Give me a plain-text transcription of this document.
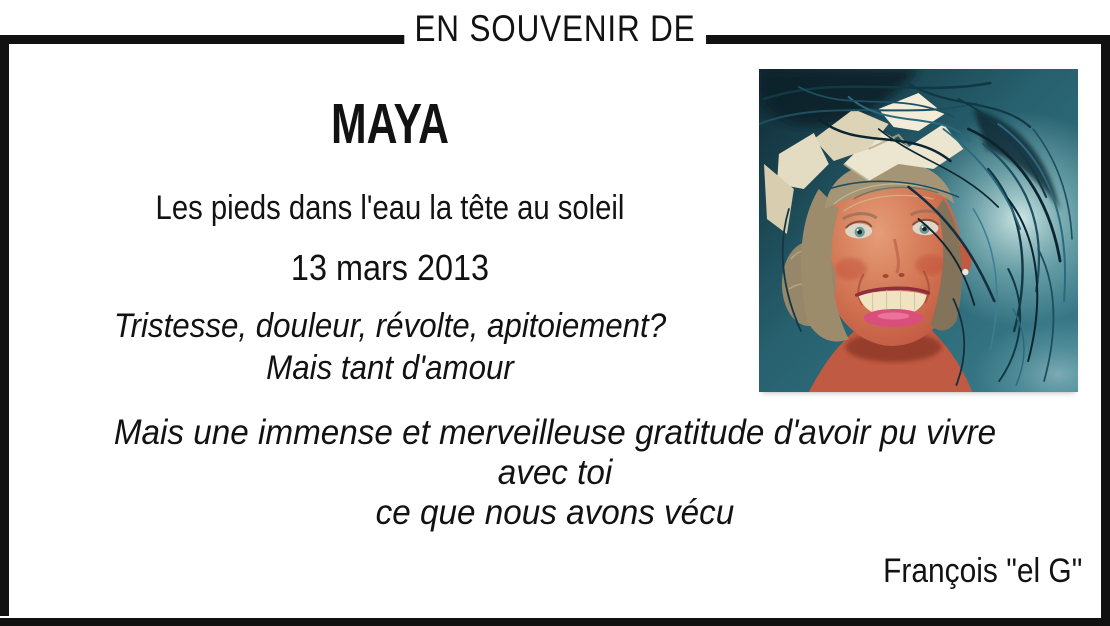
EN SOUVENIR DE
MAYA

Les pieds dans l'eau la tête au soleil

13 mars 2013

Tristesse, douleur, révolte, apitoiement?
Mais tant d'amour

Mais une immense et merveilleuse gratitude d'avoir pu vivre
avec toi
ce que nous avons vécu

François "el G"
